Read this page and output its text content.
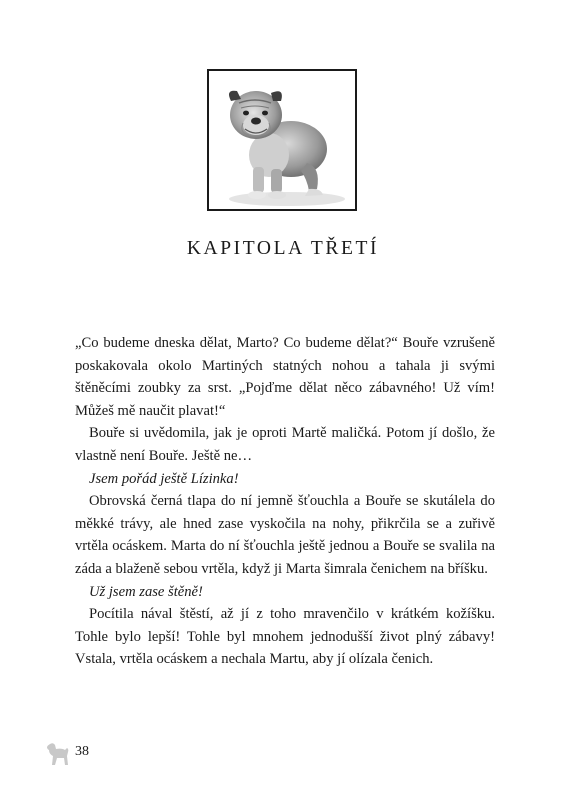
KAPITOLA TŘETÍ

„Co budeme dneska dělat, Marto? Co budeme dělat?“ Bouře vzrušeně poskakovala okolo Martiných statných nohou a tahala ji svými štěněcími zoubky za srst. „Pojďme dělat něco zábavného! Už vím! Můžeš mě naučit plavat!“

Bouře si uvědomila, jak je oproti Martě maličká. Potom jí došlo, že vlastně není Bouře. Ještě ne…

Jsem pořád ještě Lízinka!

Obrovská černá tlapa do ní jemně šťouchla a Bouře se skutálela do měkké trávy, ale hned zase vyskočila na nohy, přikrčila se a zuřivě vrtěla ocáskem. Marta do ní šťouchla ještě jednou a Bouře se svalila na záda a blaženě sebou vrtěla, když ji Marta šimrala čenichem na bříšku.

Už jsem zase štěně!

Pocítila nával štěstí, až jí z toho mravenčilo v krátkém kožíšku. Tohle bylo lepší! Tohle byl mnohem jednodušší život plný zábavy! Vstala, vrtěla ocáskem a nechala Martu, aby jí olízala čenich.

38
